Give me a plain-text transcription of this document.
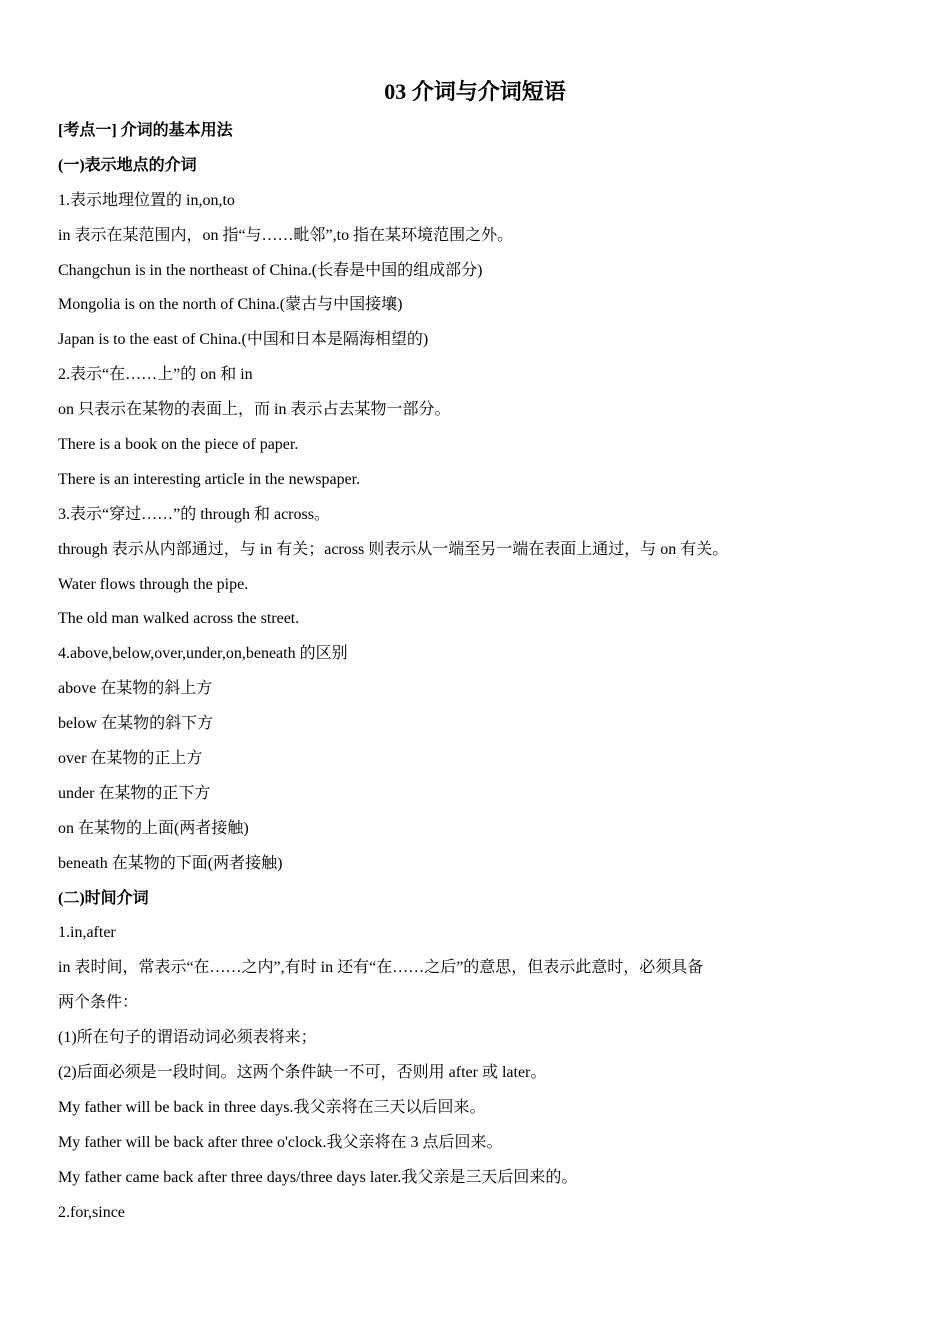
03 介词与介词短语
[考点一] 介词的基本用法
(一)表示地点的介词
1.表示地理位置的 in,on,to
in 表示在某范围内，on 指“与……毗邻”,to 指在某环境范围之外。
Changchun is in the northeast of China.(长春是中国的组成部分)
Mongolia is on the north of China.(蒙古与中国接壤)
Japan is to the east of China.(中国和日本是隔海相望的)
2.表示“在……上”的 on 和 in
on 只表示在某物的表面上，而 in 表示占去某物一部分。
There is a book on the piece of paper.
There is an interesting article in the newspaper.
3.表示“穿过……”的 through 和 across。
through 表示从内部通过，与 in 有关；across 则表示从一端至另一端在表面上通过，与 on 有关。
Water flows through the pipe.
The old man walked across the street.
4.above,below,over,under,on,beneath 的区别
above 在某物的斜上方
below 在某物的斜下方
over 在某物的正上方
under 在某物的正下方
on 在某物的上面(两者接触)
beneath 在某物的下面(两者接触)
(二)时间介词
1.in,after
in 表时间，常表示“在……之内”,有时 in 还有“在……之后”的意思，但表示此意时，必须具备
两个条件：
(1)所在句子的谓语动词必须表将来；
(2)后面必须是一段时间。这两个条件缺一不可，否则用 after 或 later。
My father will be back in three days.我父亲将在三天以后回来。
My father will be back after three o'clock.我父亲将在 3 点后回来。
My father came back after three days/three days later.我父亲是三天后回来的。
2.for,since
